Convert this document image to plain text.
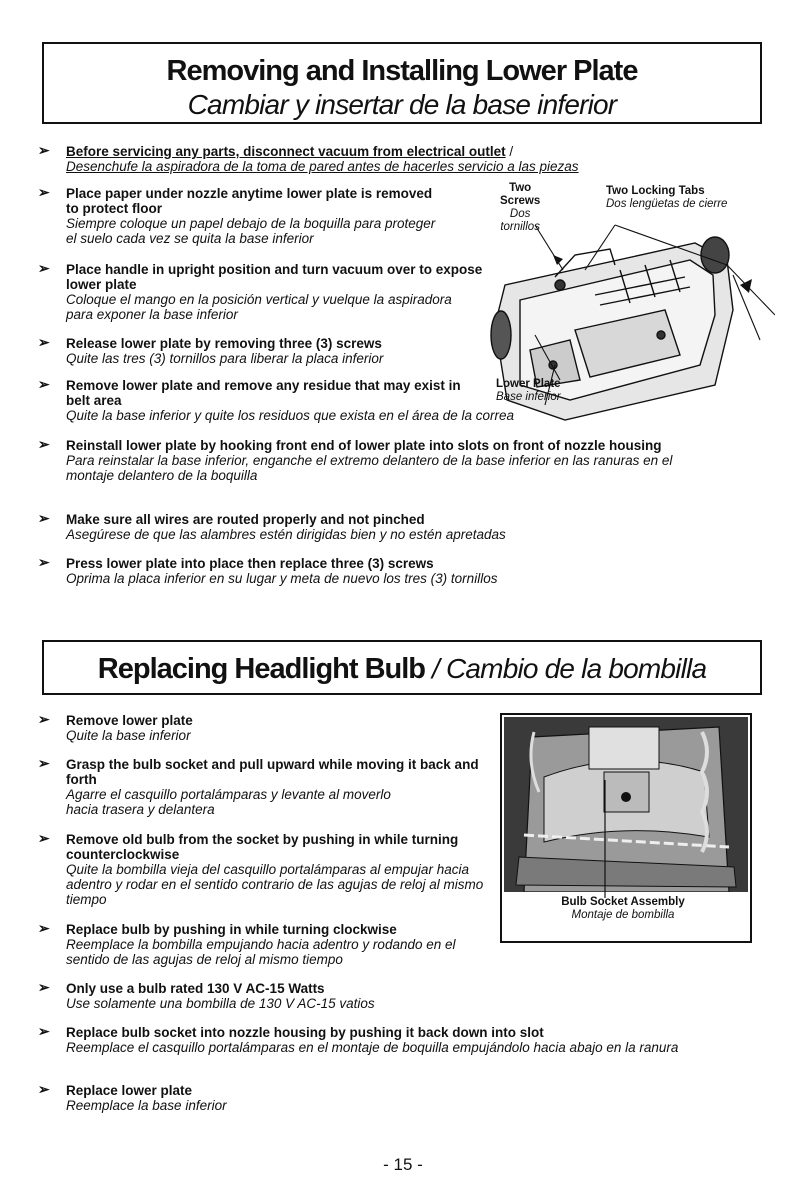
Removing and Installing Lower Plate
Cambiar y insertar de la base inferior
➢ Before servicing any parts, disconnect vacuum from electrical outlet /
Desenchufe la aspiradora de la toma de pared antes de hacerles servicio a las piezas
➢ Place paper under nozzle anytime lower plate is removed to protect floor
Siempre coloque un papel debajo de la boquilla para proteger el suelo cada vez se quita la base inferior
➢ Place handle in upright position and turn vacuum over to expose lower plate
Coloque el mango en la posición vertical y vuelque la aspiradora para exponer la base inferior
➢ Release lower plate by removing three (3) screws
Quite las tres (3) tornillos para liberar la placa inferior
➢ Remove lower plate and remove any residue that may exist in belt area
Quite la base inferior y quite los residuos que exista en el área de la correa
➢ Reinstall lower plate by hooking front end of lower plate into slots on front of nozzle housing
Para reinstalar la base inferior, enganche el extremo delantero de la base inferior en las ranuras en el montaje delantero de la boquilla
➢ Make sure all wires are routed properly and not pinched
Asegúrese de que las alambres estén dirigidas bien y no estén apretadas
➢ Press lower plate into place then replace three (3) screws
Oprima la placa inferior en su lugar y meta de nuevo los tres (3) tornillos
Two
Screws
Dos
tornillos
Two Locking Tabs
Dos lengüetas de cierre
Lower Plate
Base inferior
Replacing Headlight Bulb / Cambio de la bombilla
➢ Remove lower plate
Quite la base inferior
➢ Grasp the bulb socket and pull upward while moving it back and forth
Agarre el casquillo portalámparas y levante al moverlo hacia trasera y delantera
➢ Remove old bulb from the socket by pushing in while turning counterclockwise
Quite la bombilla vieja del casquillo portalámparas al empujar hacia adentro y rodar en el sentido contrario de las agujas de reloj al mismo tiempo
➢ Replace bulb by pushing in while turning clockwise
Reemplace la bombilla empujando hacia adentro y rodando en el sentido de las agujas de reloj al mismo tiempo
➢ Only use a bulb rated 130 V AC-15 Watts
Use solamente una bombilla de 130 V AC-15 vatios
➢ Replace bulb socket into nozzle housing by pushing it back down into slot
Reemplace el casquillo portalámparas en el montaje de boquilla empujándolo hacia abajo en la ranura
➢ Replace lower plate
Reemplace la base inferior
Bulb Socket Assembly
Montaje de bombilla
- 15 -
